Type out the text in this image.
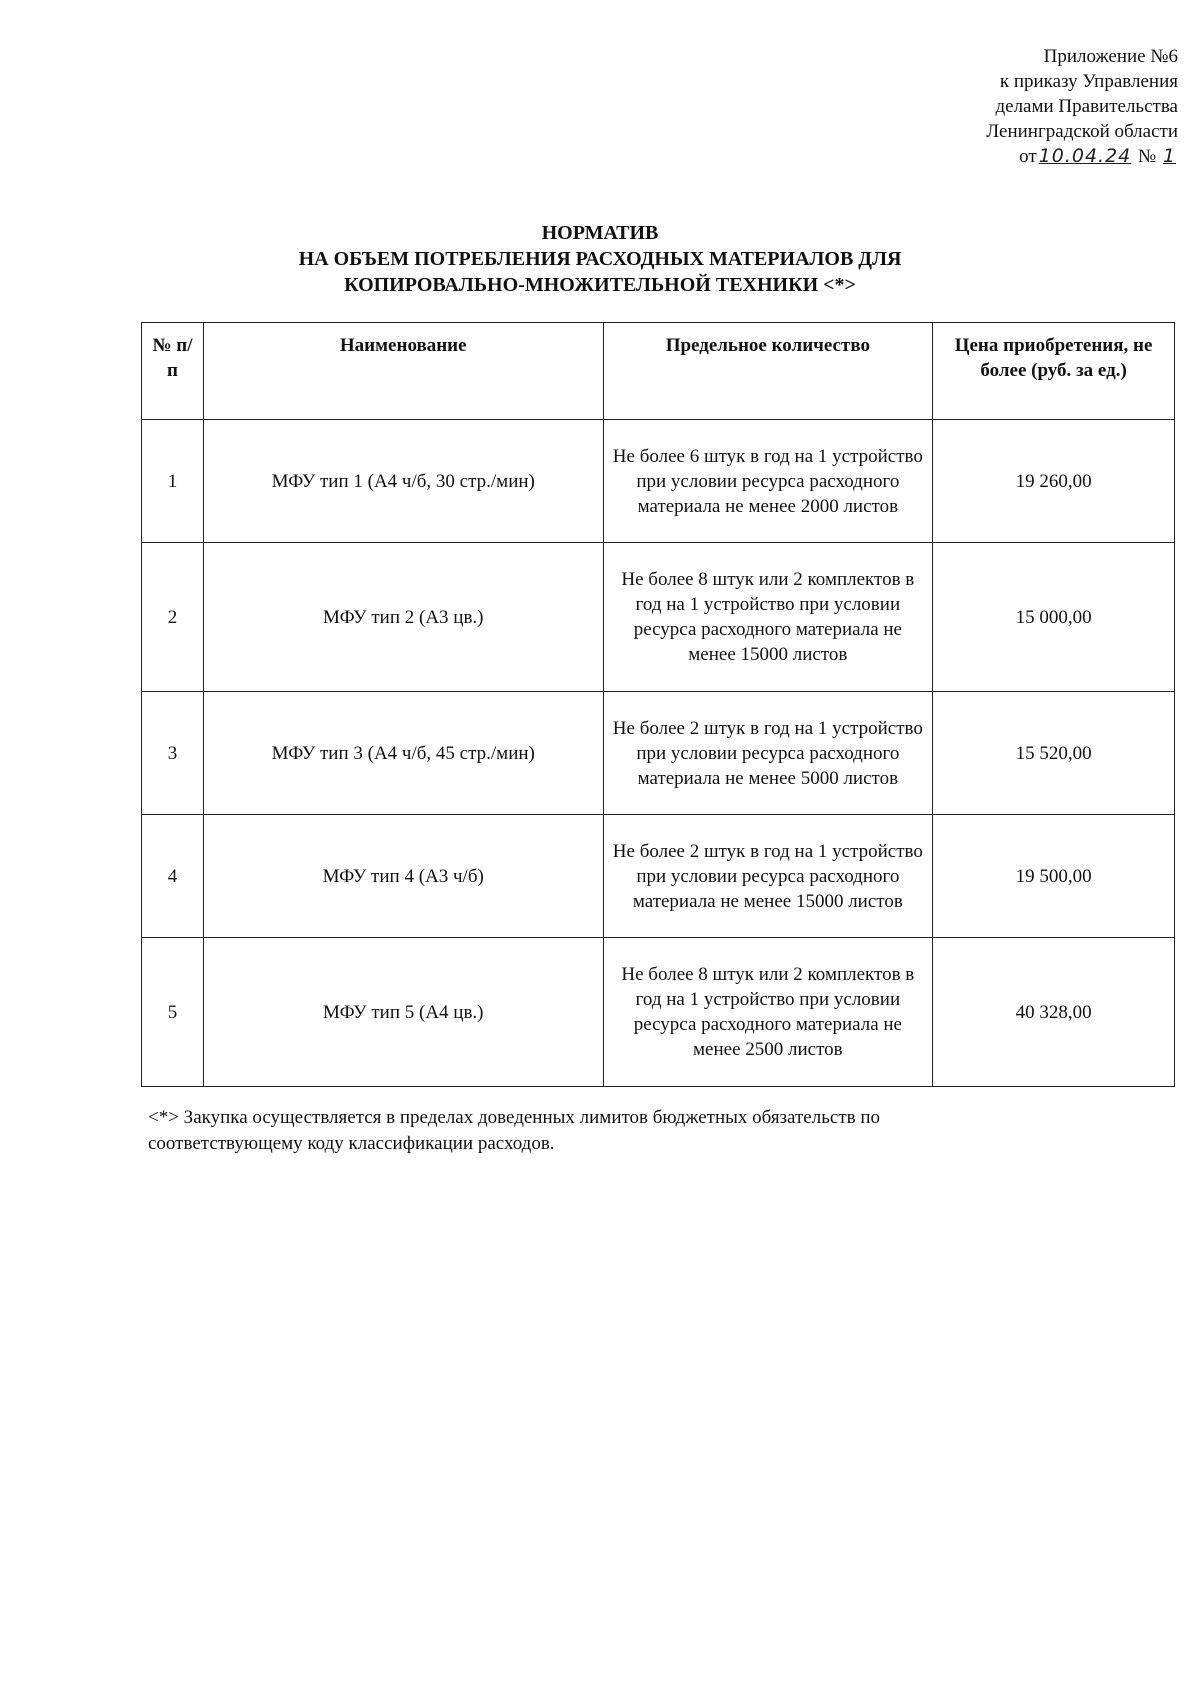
Приложение №6
к приказу Управления
делами Правительства
Ленинградской области
от 10.04.24 № 1
НОРМАТИВ
НА ОБЪЕМ ПОТРЕБЛЕНИЯ РАСХОДНЫХ МАТЕРИАЛОВ ДЛЯ
КОПИРОВАЛЬНО-МНОЖИТЕЛЬНОЙ ТЕХНИКИ <*>
№ п/п	Наименование	Предельное количество	Цена приобретения, не более (руб. за ед.)
1	МФУ тип 1 (А4 ч/б, 30 стр./мин)	Не более 6 штук в год на 1 устройство при условии ресурса расходного материала не менее 2000 листов	19 260,00
2	МФУ тип 2 (А3 цв.)	Не более 8 штук или 2 комплектов в год на 1 устройство при условии ресурса расходного материала не менее 15000 листов	15 000,00
3	МФУ тип 3 (А4 ч/б, 45 стр./мин)	Не более 2 штук в год на 1 устройство при условии ресурса расходного материала не менее 5000 листов	15 520,00
4	МФУ тип 4 (А3 ч/б)	Не более 2 штук в год на 1 устройство при условии ресурса расходного материала не менее 15000 листов	19 500,00
5	МФУ тип 5 (А4 цв.)	Не более 8 штук или 2 комплектов в год на 1 устройство при условии ресурса расходного материала не менее 2500 листов	40 328,00
<*> Закупка осуществляется в пределах доведенных лимитов бюджетных обязательств по
соответствующему коду классификации расходов.
